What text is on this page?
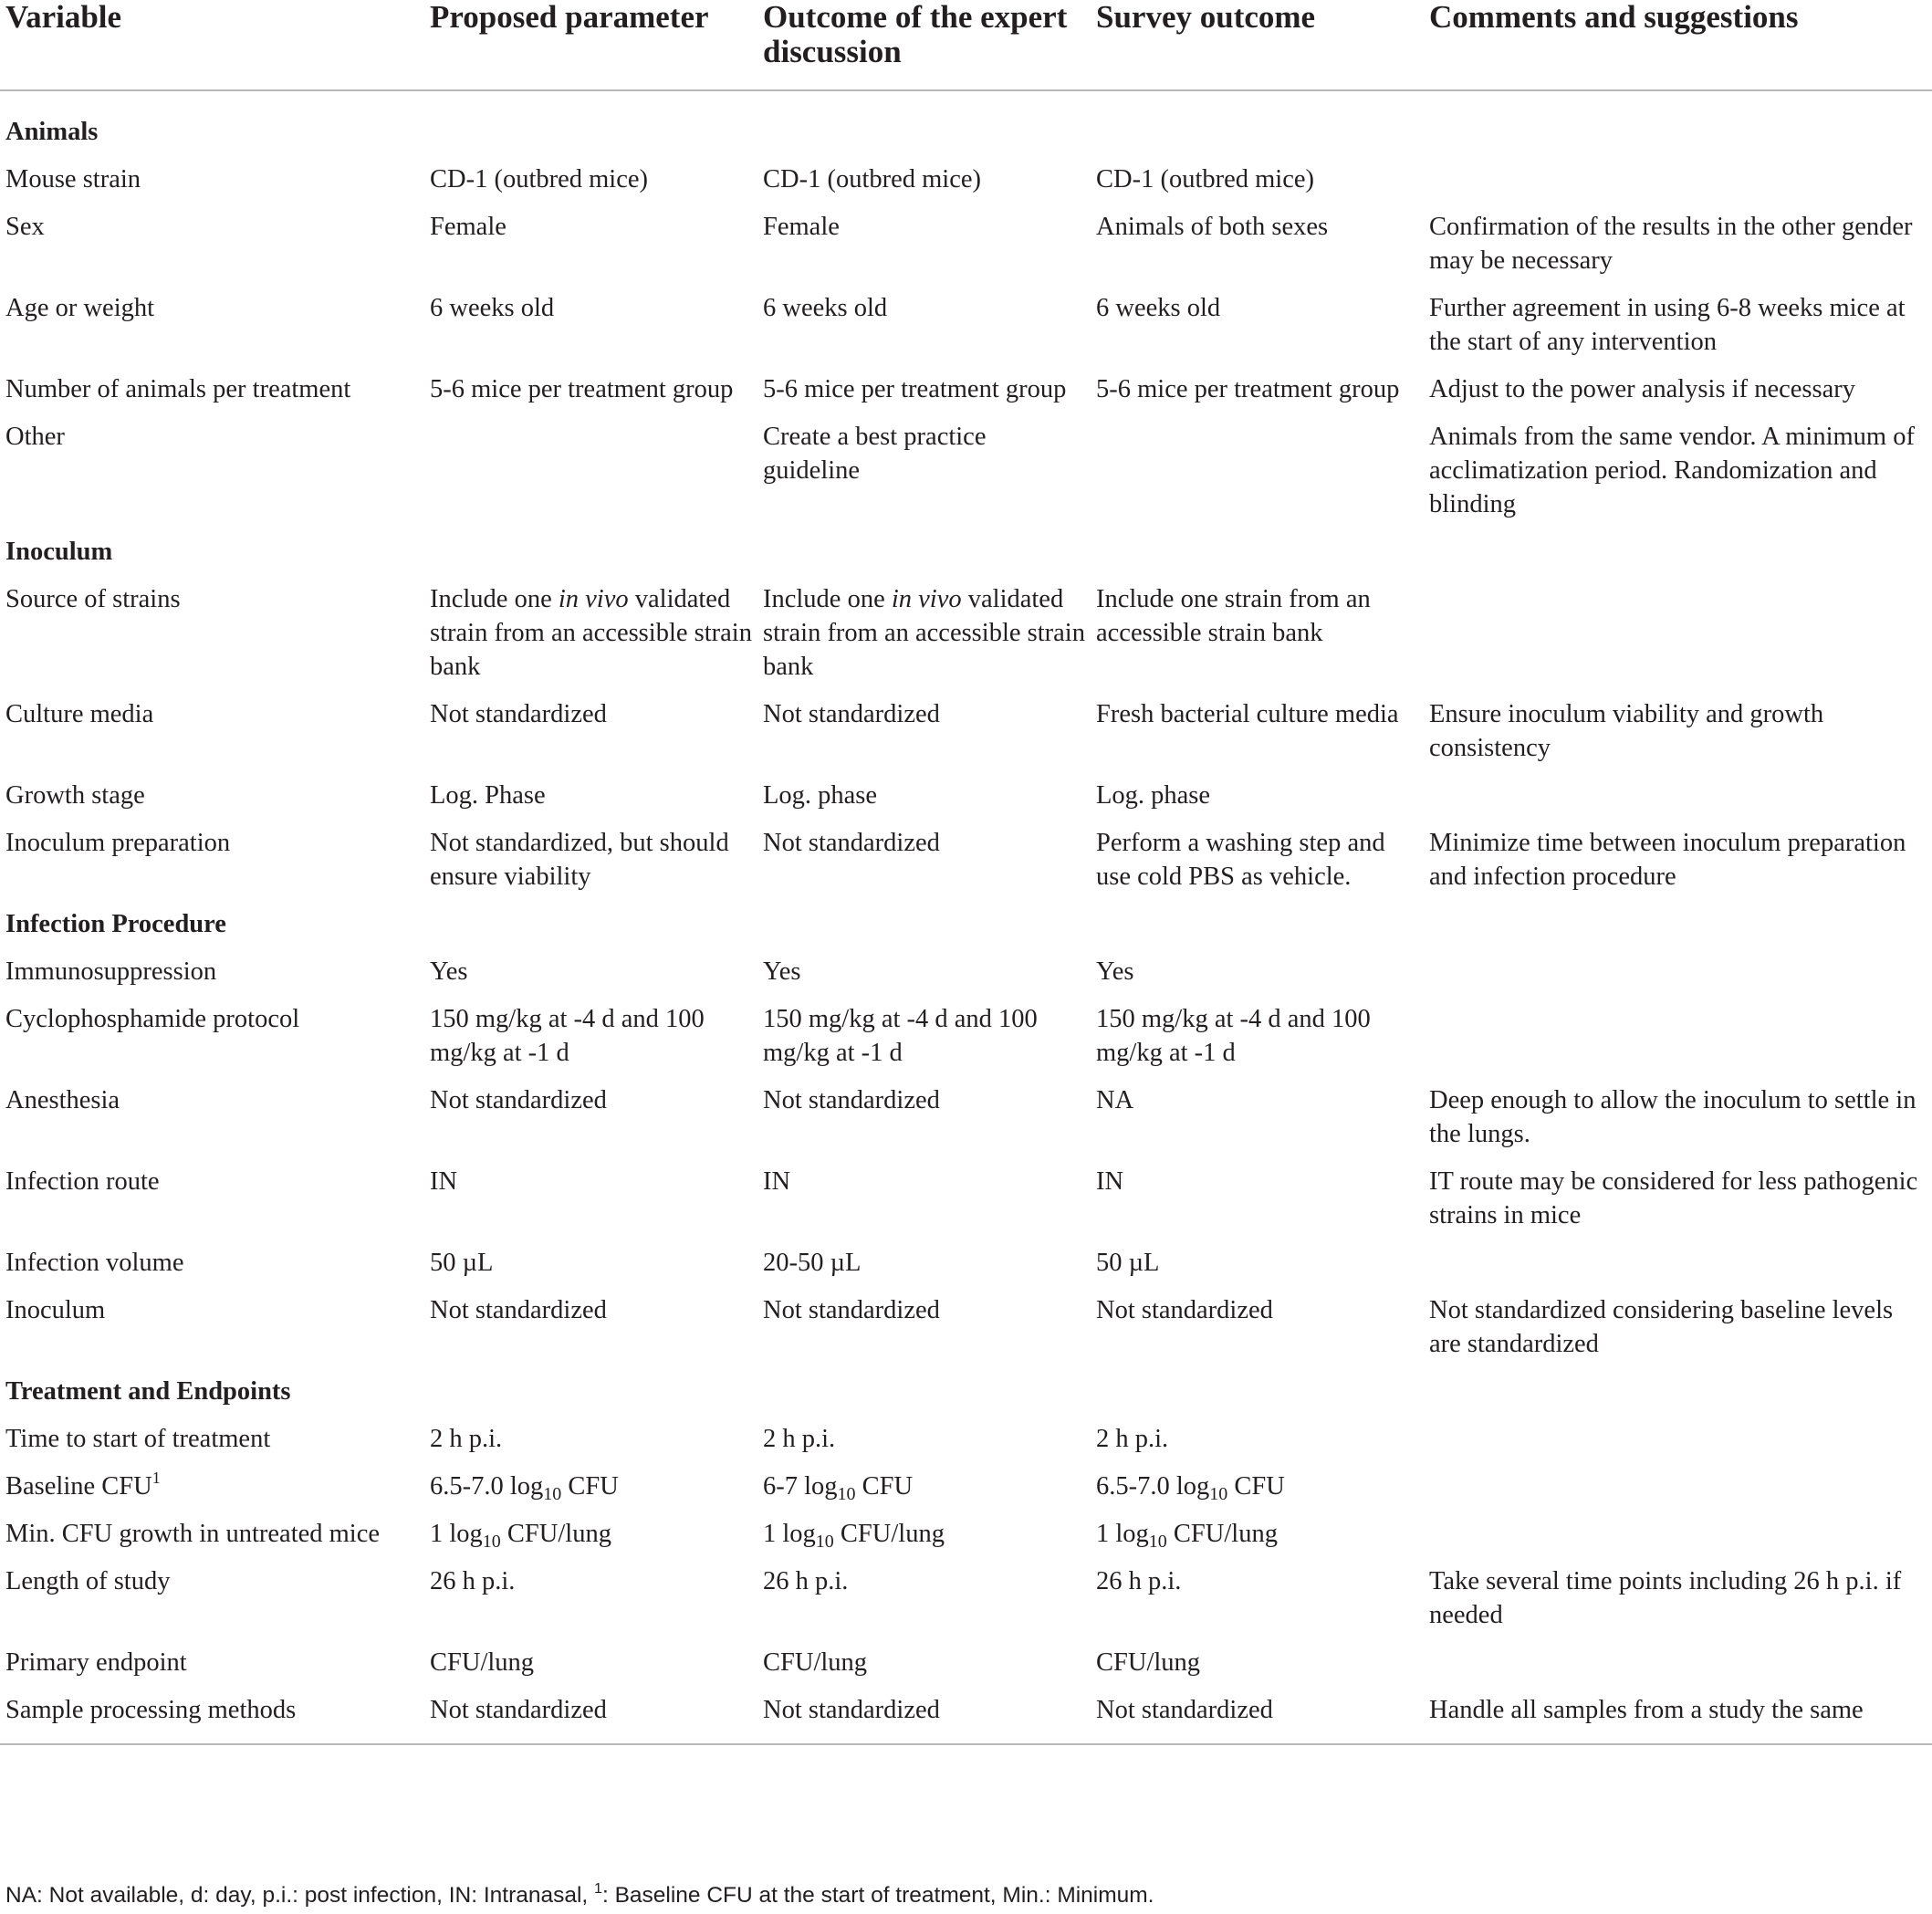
Variable	Proposed parameter	Outcome of the expert discussion	Survey outcome	Comments and suggestions
Animals				
Mouse strain	CD-1 (outbred mice)	CD-1 (outbred mice)	CD-1 (outbred mice)	
Sex	Female	Female	Animals of both sexes	Confirmation of the results in the other gender may be necessary
Age or weight	6 weeks old	6 weeks old	6 weeks old	Further agreement in using 6-8 weeks mice at the start of any intervention
Number of animals per treatment	5-6 mice per treatment group	5-6 mice per treatment group	5-6 mice per treatment group	Adjust to the power analysis if necessary
Other		Create a best practice guideline		Animals from the same vendor. A minimum of acclimatization period. Randomization and blinding
Inoculum				
Source of strains	Include one in vivo validated strain from an accessible strain bank	Include one in vivo validated strain from an accessible strain bank	Include one strain from an accessible strain bank	
Culture media	Not standardized	Not standardized	Fresh bacterial culture media	Ensure inoculum viability and growth consistency
Growth stage	Log. Phase	Log. phase	Log. phase	
Inoculum preparation	Not standardized, but should ensure viability	Not standardized	Perform a washing step and use cold PBS as vehicle.	Minimize time between inoculum preparation and infection procedure
Infection Procedure				
Immunosuppression	Yes	Yes	Yes	
Cyclophosphamide protocol	150 mg/kg at -4 d and 100 mg/kg at -1 d	150 mg/kg at -4 d and 100 mg/kg at -1 d	150 mg/kg at -4 d and 100 mg/kg at -1 d	
Anesthesia	Not standardized	Not standardized	NA	Deep enough to allow the inoculum to settle in the lungs.
Infection route	IN	IN	IN	IT route may be considered for less pathogenic strains in mice
Infection volume	50 µL	20-50 µL	50 µL	
Inoculum	Not standardized	Not standardized	Not standardized	Not standardized considering baseline levels are standardized
Treatment and Endpoints				
Time to start of treatment	2 h p.i.	2 h p.i.	2 h p.i.	
Baseline CFU$^1$	6.5-7.0 $\log_{10}$ CFU	6-7 $\log_{10}$ CFU	6.5-7.0 $\log_{10}$ CFU	
Min. CFU growth in untreated mice	1 $\log_{10}$ CFU/lung	1 $\log_{10}$ CFU/lung	1 $\log_{10}$ CFU/lung	
Length of study	26 h p.i.	26 h p.i.	26 h p.i.	Take several time points including 26 h p.i. if needed
Primary endpoint	CFU/lung	CFU/lung	CFU/lung	
Sample processing methods	Not standardized	Not standardized	Not standardized	Handle all samples from a study the same
NA: Not available, d: day, p.i.: post infection, IN: Intranasal, $^1$: Baseline CFU at the start of treatment, Min.: Minimum.
